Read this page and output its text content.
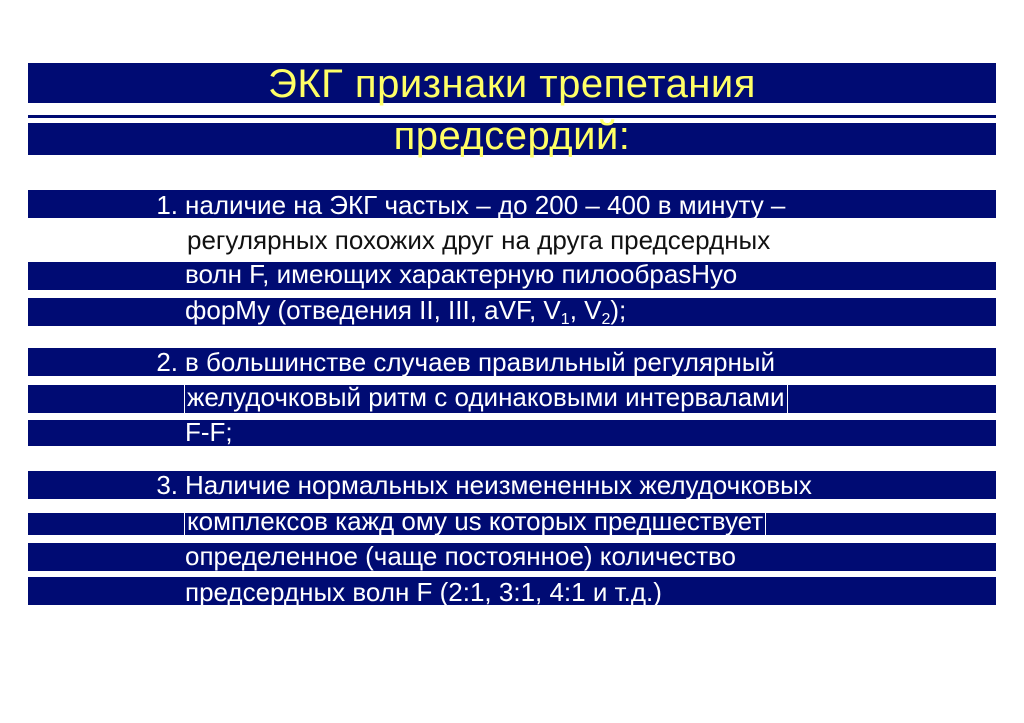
ЭКГ признаки трепетания
предсердий:
1. наличие на ЭКГ частых – до 200 – 400 в минуту –
регулярных похожих друг на друга предсердных
волн F, имеющих характерную пилообрasНуо
форМу (отведения II, III, aVF, $V_1$, $V_2$);
2. в большинстве случаев правильный регулярный
желудочковый ритм с одинаковыми интервалами
F-F;
3. Наличие нормальных неизмененных желудочковых
комплексов кажд ому us которых предшествует
определенное (чаще постоянное) количество
предсердных волн F (2:1, 3:1, 4:1 и т.д.)
